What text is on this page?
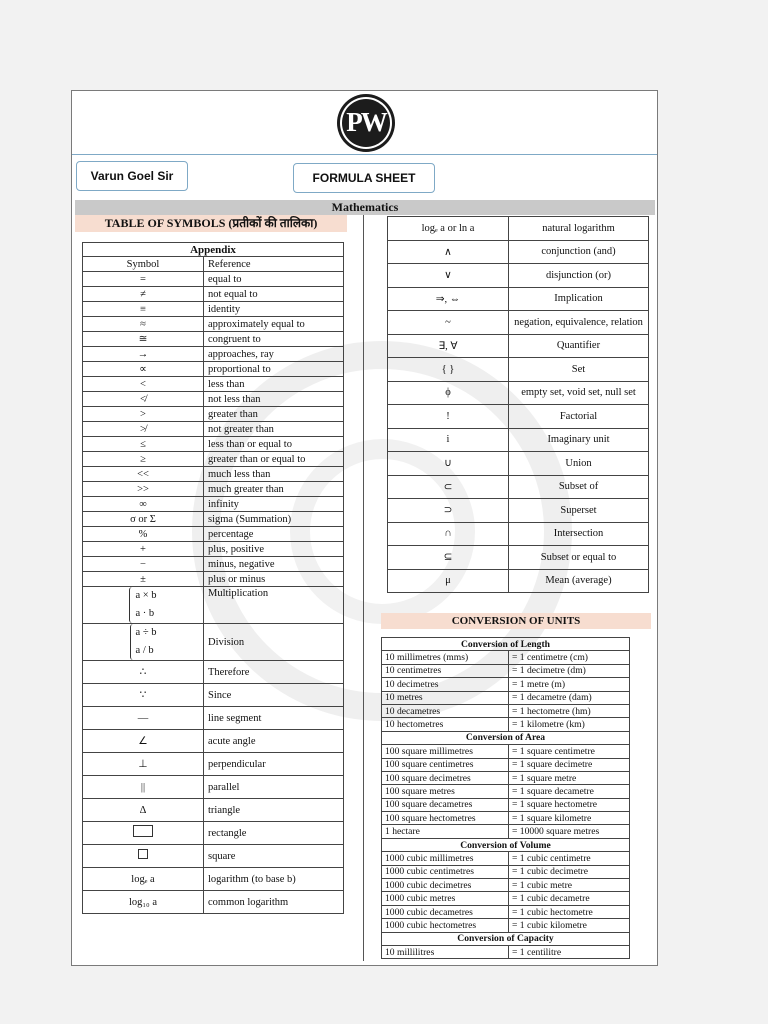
PW
Varun Goel Sir	FORMULA SHEET
Mathematics
TABLE OF SYMBOLS (प्रतीकों की तालिका)
Appendix	
Symbol	Reference
=	equal to
≠	not equal to
≡	identity
≈	approximately equal to
≅	congruent to
→	approaches, ray
∝	proportional to
<	less than
≮	not less than
>	greater than
≯	not greater than
≤	less than or equal to
≥	greater than or equal to
<<	much less than
>>	much greater than
∞	infinity
σ or Σ	sigma (Summation)
%	percentage
+	plus, positive
−	minus, negative
±	plus or minus
a × b
a · b	Multiplication
a ÷ b
a / b	Division
∴	Therefore
∵	Since
—	line segment
∠	acute angle
⊥	perpendicular
||	parallel
Δ	triangle
	rectangle
	square
logₑ a	logarithm (to base b)
log₁₀ a	common logarithm
logₑ a or ln a	natural logarithm
∧	conjunction (and)
∨	disjunction (or)
⇒, ⇔	Implication
~	negation, equivalence, relation
∃, ∀	Quantifier
{ }	Set
ϕ	empty set, void set, null set
!	Factorial
i	Imaginary unit
∪	Union
⊂	Subset of
⊃	Superset
∩	Intersection
⊆	Subset or equal to
μ	Mean (average)
CONVERSION OF UNITS
Conversion of Length	
10 millimetres (mms)	= 1 centimetre (cm)
10 centimetres	= 1 decimetre (dm)
10 decimetres	= 1 metre (m)
10 metres	= 1 decametre (dam)
10 decametres	= 1 hectometre (hm)
10 hectometres	= 1 kilometre (km)
Conversion of Area	
100 square millimetres	= 1 square centimetre
100 square centimetres	= 1 square decimetre
100 square decimetres	= 1 square metre
100 square metres	= 1 square decametre
100 square decametres	= 1 square hectometre
100 square hectometres	= 1 square kilometre
1 hectare	= 10000 square metres
Conversion of Volume	
1000 cubic millimetres	= 1 cubic centimetre
1000 cubic centimetres	= 1 cubic decimetre
1000 cubic decimetres	= 1 cubic metre
1000 cubic metres	= 1 cubic decametre
1000 cubic decametres	= 1 cubic hectometre
1000 cubic hectometres	= 1 cubic kilometre
Conversion of Capacity	
10 millilitres	= 1 centilitre
